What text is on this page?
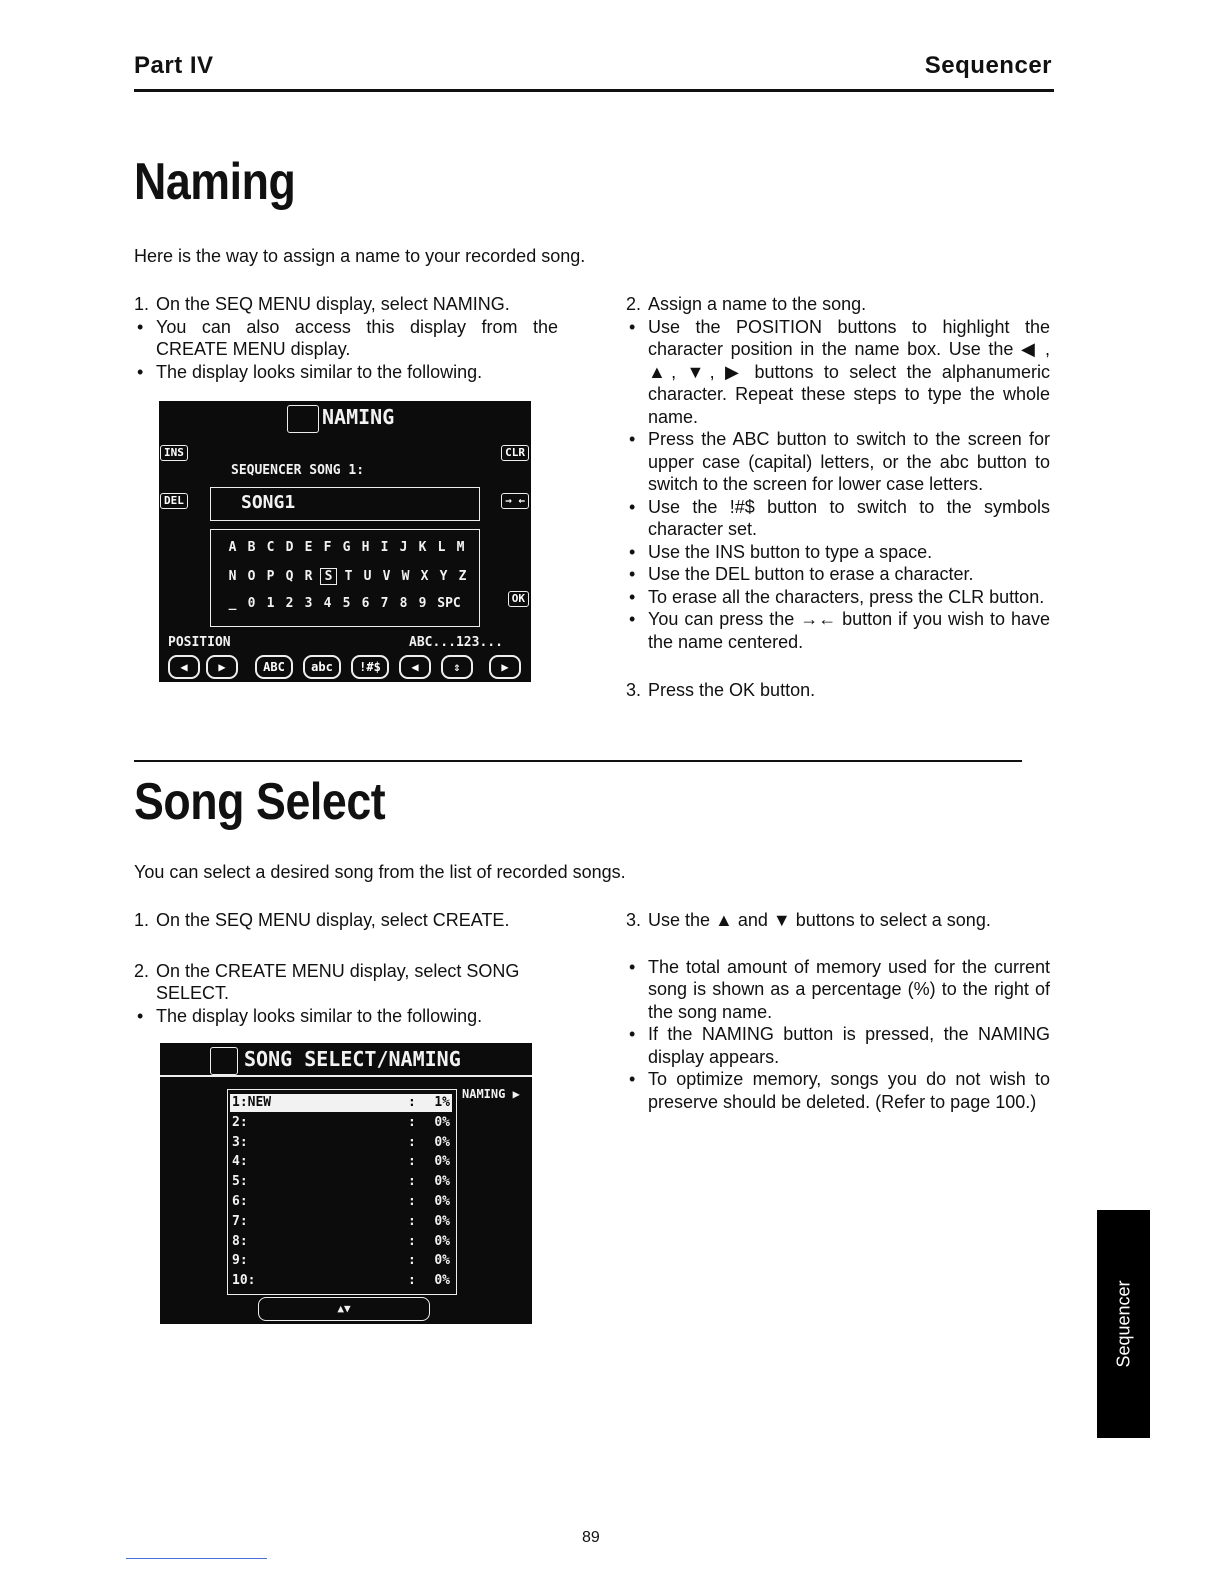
Part IV	Sequencer
Naming
Here is the way to assign a name to your recorded song.

1. On the SEQ MENU display, select NAMING.

• You can also access this display from the CREATE MENU display.

• The display looks similar to the following.

NAMING
INS	CLR
DEL	→ ←
OK
SEQUENCER SONG 1:
SONG1
A B C D E F G H I J K L M
N O P Q R S T U V W X Y Z
_ 0 1 2 3 4 5 6 7 8 9 SPC
POSITION	ABC...123...
◀	▶	ABC	abc	!#$	◀	⇕	▶

2. Assign a name to the song.

• Use the POSITION buttons to highlight the character position in the name box. Use the ◀ , ▲, ▼, ▶ buttons to select the alphanumeric character. Repeat these steps to type the whole name.

• Press the ABC button to switch to the screen for upper case (capital) letters, or the abc button to switch to the screen for lower case letters.

• Use the !#$ button to switch to the symbols character set.

• Use the INS button to type a space.

• Use the DEL button to erase a character.

• To erase all the characters, press the CLR button.

• You can press the →← button if you wish to have the name centered.

3. Press the OK button.

Song Select
You can select a desired song from the list of recorded songs.

1. On the SEQ MENU display, select CREATE.

2. On the CREATE MENU display, select SONG SELECT.

• The display looks similar to the following.

SONG SELECT/NAMING
1:NEW	: 1%
2:	: 0%
3:	: 0%
4:	: 0%
5:	: 0%
6:	: 0%
7:	: 0%
8:	: 0%
9:	: 0%
10:	: 0%
NAMING ▶
▲▼

3. Use the ▲ and ▼ buttons to select a song.

• The total amount of memory used for the current song is shown as a percentage (%) to the right of the song name.

• If the NAMING button is pressed, the NAMING display appears.

• To optimize memory, songs you do not wish to preserve should be deleted. (Refer to page 100.)

Sequencer
89
